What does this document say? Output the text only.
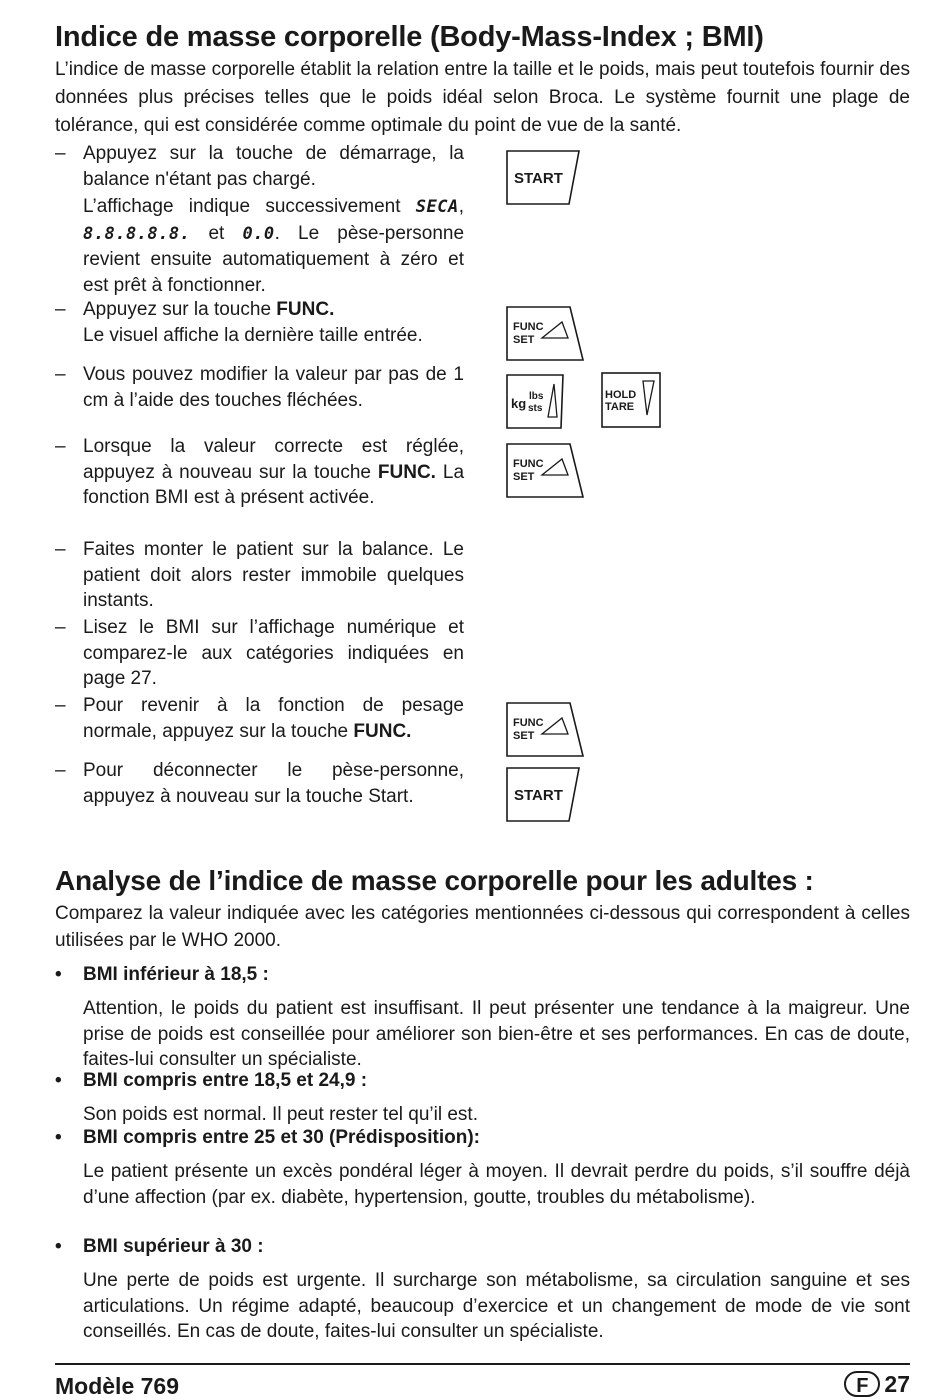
Indice de masse corporelle (Body-Mass-Index ; BMI)
L’indice de masse corporelle établit la relation entre la taille et le poids, mais peut toutefois fournir des données plus précises telles que le poids idéal selon Broca. Le système fournit une plage de tolérance, qui est considérée comme optimale du point de vue de la santé.
– Appuyez sur la touche de démarrage, la balance n'étant pas chargé.

L’affichage indique successivement SECA, 8.8.8.8.8. et 0.0. Le pèse-personne revient ensuite automatiquement à zéro et est prêt à fonctionner.

– Appuyez sur la touche FUNC.

Le visuel affiche la dernière taille entrée.

– Vous pouvez modifier la valeur par pas de 1 cm à l’aide des touches fléchées.

– Lorsque la valeur correcte est réglée, appuyez à nouveau sur la touche FUNC. La fonction BMI est à présent activée.

– Faites monter le patient sur la balance. Le patient doit alors rester immobile quelques instants.

– Lisez le BMI sur l’affichage numérique et comparez-le aux catégories indiquées en page 27.

– Pour revenir à la fonction de pesage normale, appuyez sur la touche FUNC.

– Pour déconnecter le pèse-personne, appuyez à nouveau sur la touche Start.

START
FUNC
SET
kg lbs
sts
HOLD
TARE
FUNC
SET
FUNC
SET
START
Analyse de l’indice de masse corporelle pour les adultes :
Comparez la valeur indiquée avec les catégories mentionnées ci-dessous qui correspondent à celles utilisées par le WHO 2000.
• BMI inférieur à 18,5 :
Attention, le poids du patient est insuffisant. Il peut présenter une tendance à la maigreur. Une prise de poids est conseillée pour améliorer son bien-être et ses performances. En cas de doute, faites-lui consulter un spécialiste.
• BMI compris entre 18,5 et 24,9 :
Son poids est normal. Il peut rester tel qu’il est.
• BMI compris entre 25 et 30 (Prédisposition):
Le patient présente un excès pondéral léger à moyen. Il devrait perdre du poids, s’il souffre déjà d’une affection (par ex. diabète, hypertension, goutte, troubles du métabolisme).
• BMI supérieur à 30 :
Une perte de poids est urgente. Il surcharge son métabolisme, sa circulation sanguine et ses articulations. Un régime adapté, beaucoup d’exercice et un changement de mode de vie sont conseillés. En cas de doute, faites-lui consulter un spécialiste.
Modèle 769	F 27
